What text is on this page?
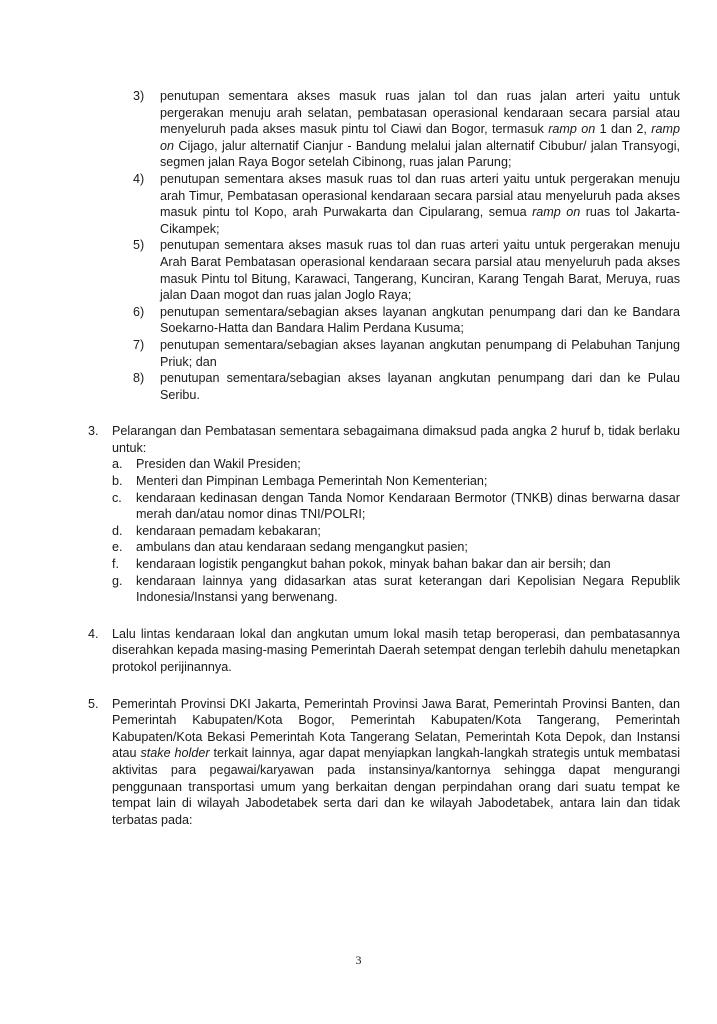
3)	penutupan sementara akses masuk ruas jalan tol dan ruas jalan arteri yaitu untuk pergerakan menuju arah selatan, pembatasan operasional kendaraan secara parsial atau menyeluruh pada akses masuk pintu tol Ciawi dan Bogor, termasuk ramp on 1 dan 2, ramp on Cijago, jalur alternatif Cianjur - Bandung melalui jalan alternatif Cibubur/ jalan Transyogi, segmen jalan Raya Bogor setelah Cibinong, ruas jalan Parung;
4)	penutupan sementara akses masuk ruas tol dan ruas arteri yaitu untuk pergerakan menuju arah Timur, Pembatasan operasional kendaraan secara parsial atau menyeluruh pada akses masuk pintu tol Kopo, arah Purwakarta dan Cipularang, semua ramp on ruas tol Jakarta-Cikampek;
5)	penutupan sementara akses masuk ruas tol dan ruas arteri yaitu untuk pergerakan menuju Arah Barat Pembatasan operasional kendaraan secara parsial atau menyeluruh pada akses masuk Pintu tol Bitung, Karawaci, Tangerang, Kunciran, Karang Tengah Barat, Meruya, ruas jalan Daan mogot dan ruas jalan Joglo Raya;
6)	penutupan sementara/sebagian akses layanan angkutan penumpang dari dan ke Bandara Soekarno-Hatta dan Bandara Halim Perdana Kusuma;
7)	penutupan sementara/sebagian akses layanan angkutan penumpang di Pelabuhan Tanjung Priuk; dan
8)	penutupan sementara/sebagian akses layanan angkutan penumpang dari dan ke Pulau Seribu.
3.	Pelarangan dan Pembatasan sementara sebagaimana dimaksud pada angka 2 huruf b, tidak berlaku untuk:
a.	Presiden dan Wakil Presiden;
b.	Menteri dan Pimpinan Lembaga Pemerintah Non Kementerian;
c.	kendaraan kedinasan dengan Tanda Nomor Kendaraan Bermotor (TNKB) dinas berwarna dasar merah dan/atau nomor dinas TNI/POLRI;
d.	kendaraan pemadam kebakaran;
e.	ambulans dan atau kendaraan sedang mengangkut pasien;
f.	kendaraan logistik pengangkut bahan pokok, minyak bahan bakar dan air bersih; dan
g.	kendaraan lainnya yang didasarkan atas surat keterangan dari Kepolisian Negara Republik Indonesia/Instansi yang berwenang.
4.	Lalu lintas kendaraan lokal dan angkutan umum lokal masih tetap beroperasi, dan pembatasannya diserahkan kepada masing-masing Pemerintah Daerah setempat dengan terlebih dahulu menetapkan protokol perijinannya.
5.	Pemerintah Provinsi DKI Jakarta, Pemerintah Provinsi Jawa Barat, Pemerintah Provinsi Banten, dan Pemerintah Kabupaten/Kota Bogor, Pemerintah Kabupaten/Kota Tangerang, Pemerintah Kabupaten/Kota Bekasi Pemerintah Kota Tangerang Selatan, Pemerintah Kota Depok, dan Instansi atau stake holder terkait lainnya, agar dapat menyiapkan langkah-langkah strategis untuk membatasi aktivitas para pegawai/karyawan pada instansinya/kantornya sehingga dapat mengurangi penggunaan transportasi umum yang berkaitan dengan perpindahan orang dari suatu tempat ke tempat lain di wilayah Jabodetabek serta dari dan ke wilayah Jabodetabek, antara lain dan tidak terbatas pada:
3
